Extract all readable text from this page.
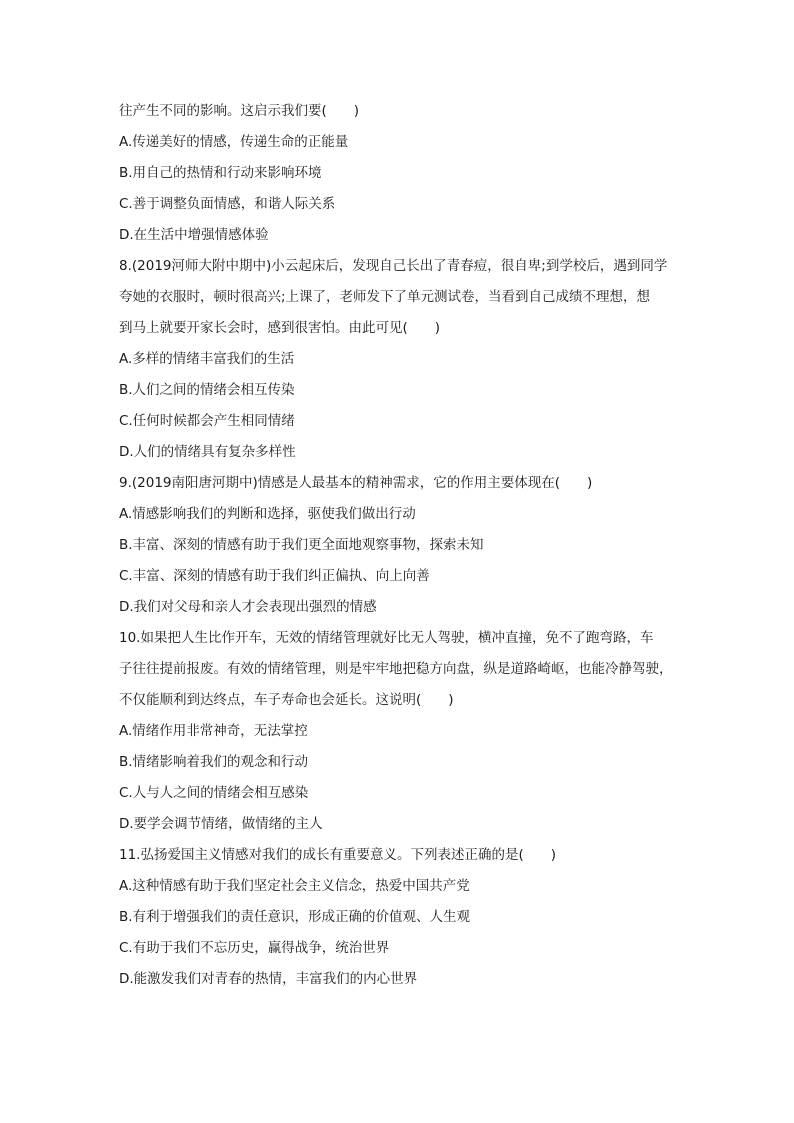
往产生不同的影响。这启示我们要(　　)
A.传递美好的情感，传递生命的正能量
B.用自己的热情和行动来影响环境
C.善于调整负面情感，和谐人际关系
D.在生活中增强情感体验
8.(2019河师大附中期中)小云起床后，发现自己长出了青春痘，很自卑;到学校后，遇到同学
夸她的衣服时，顿时很高兴;上课了，老师发下了单元测试卷，当看到自己成绩不理想，想
到马上就要开家长会时，感到很害怕。由此可见(　　)
A.多样的情绪丰富我们的生活
B.人们之间的情绪会相互传染
C.任何时候都会产生相同情绪
D.人们的情绪具有复杂多样性
9.(2019南阳唐河期中)情感是人最基本的精神需求，它的作用主要体现在(　　)
A.情感影响我们的判断和选择，驱使我们做出行动
B.丰富、深刻的情感有助于我们更全面地观察事物，探索未知
C.丰富、深刻的情感有助于我们纠正偏执、向上向善
D.我们对父母和亲人才会表现出强烈的情感
10.如果把人生比作开车，无效的情绪管理就好比无人驾驶，横冲直撞，免不了跑弯路，车
子往往提前报废。有效的情绪管理，则是牢牢地把稳方向盘，纵是道路崎岖，也能冷静驾驶，
不仅能顺利到达终点，车子寿命也会延长。这说明(　　)
A.情绪作用非常神奇，无法掌控
B.情绪影响着我们的观念和行动
C.人与人之间的情绪会相互感染
D.要学会调节情绪，做情绪的主人
11.弘扬爱国主义情感对我们的成长有重要意义。下列表述正确的是(　　)
A.这种情感有助于我们坚定社会主义信念，热爱中国共产党
B.有利于增强我们的责任意识，形成正确的价值观、人生观
C.有助于我们不忘历史，赢得战争，统治世界
D.能激发我们对青春的热情，丰富我们的内心世界
